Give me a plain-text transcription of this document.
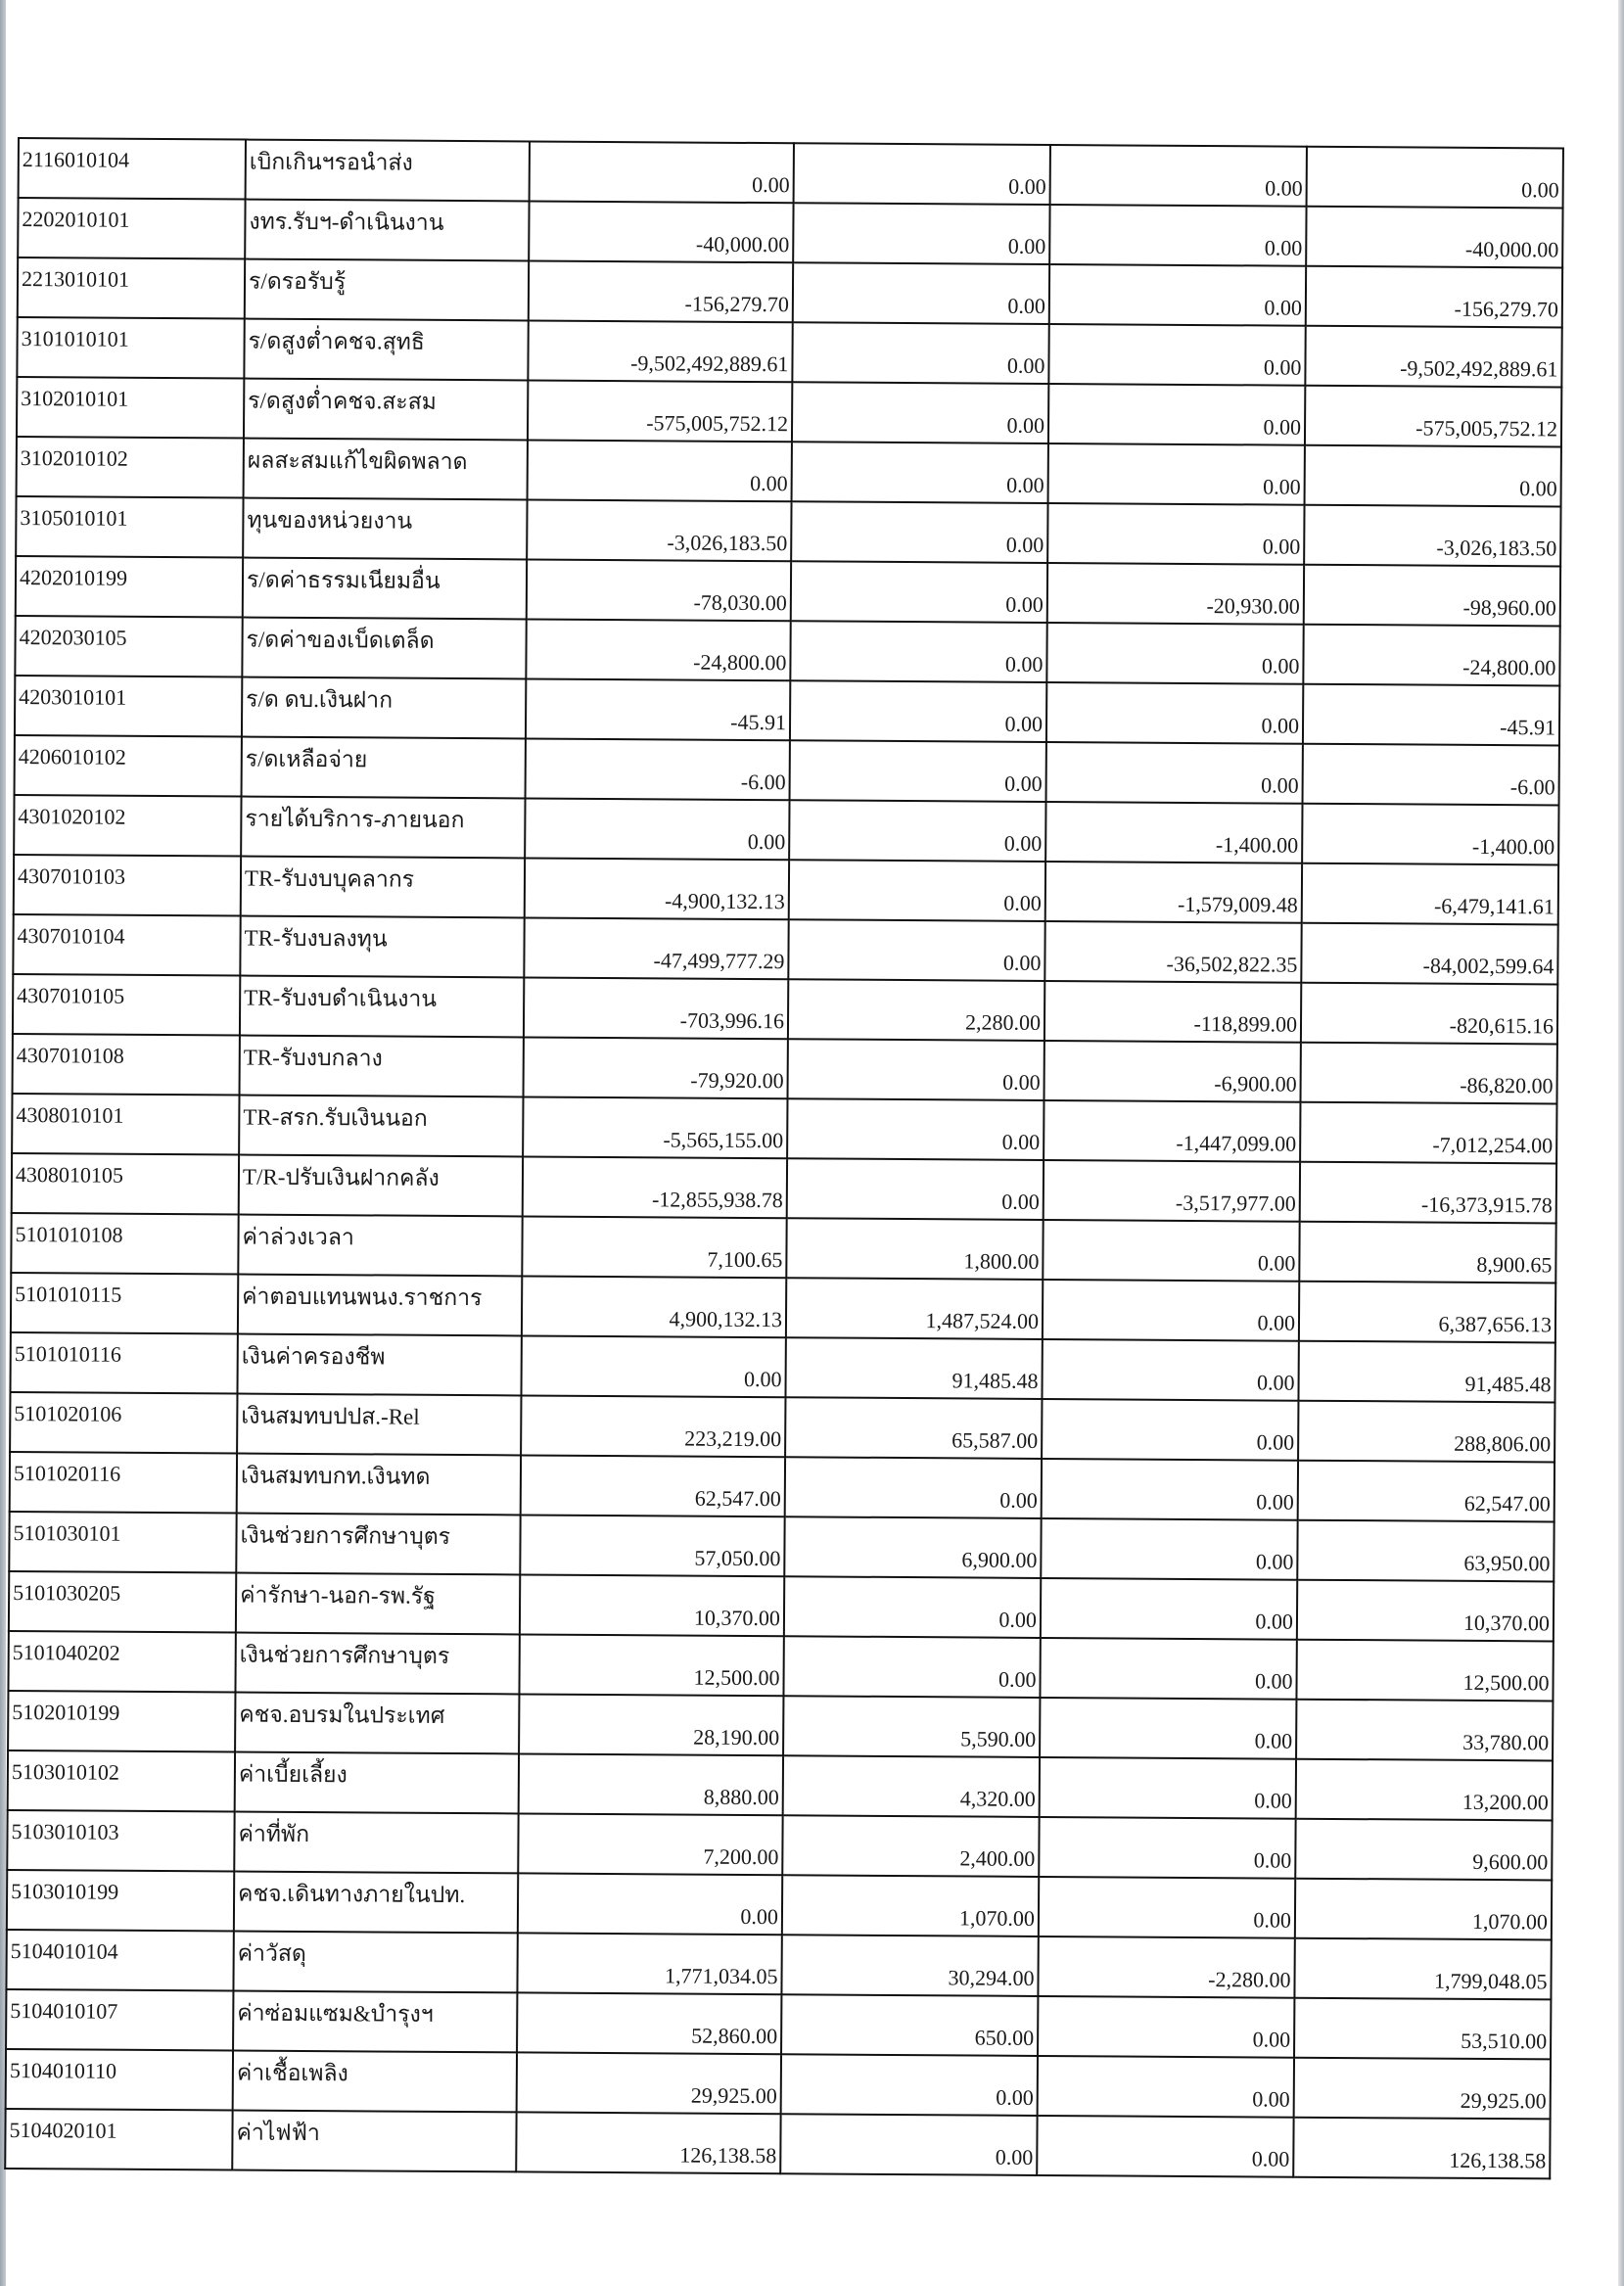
2116010104	เบิกเกินฯรอนำส่ง	0.00	0.00	0.00	0.00
2202010101	งทร.รับฯ-ดำเนินงาน	-40,000.00	0.00	0.00	-40,000.00
2213010101	ร/ดรอรับรู้	-156,279.70	0.00	0.00	-156,279.70
3101010101	ร/ดสูงต่ำคชจ.สุทธิ	-9,502,492,889.61	0.00	0.00	-9,502,492,889.61
3102010101	ร/ดสูงต่ำคชจ.สะสม	-575,005,752.12	0.00	0.00	-575,005,752.12
3102010102	ผลสะสมแก้ไขผิดพลาด	0.00	0.00	0.00	0.00
3105010101	ทุนของหน่วยงาน	-3,026,183.50	0.00	0.00	-3,026,183.50
4202010199	ร/ดค่าธรรมเนียมอื่น	-78,030.00	0.00	-20,930.00	-98,960.00
4202030105	ร/ดค่าของเบ็ดเตล็ด	-24,800.00	0.00	0.00	-24,800.00
4203010101	ร/ด ดบ.เงินฝาก	-45.91	0.00	0.00	-45.91
4206010102	ร/ดเหลือจ่าย	-6.00	0.00	0.00	-6.00
4301020102	รายได้บริการ-ภายนอก	0.00	0.00	-1,400.00	-1,400.00
4307010103	TR-รับงบบุคลากร	-4,900,132.13	0.00	-1,579,009.48	-6,479,141.61
4307010104	TR-รับงบลงทุน	-47,499,777.29	0.00	-36,502,822.35	-84,002,599.64
4307010105	TR-รับงบดำเนินงาน	-703,996.16	2,280.00	-118,899.00	-820,615.16
4307010108	TR-รับงบกลาง	-79,920.00	0.00	-6,900.00	-86,820.00
4308010101	TR-สรก.รับเงินนอก	-5,565,155.00	0.00	-1,447,099.00	-7,012,254.00
4308010105	T/R-ปรับเงินฝากคลัง	-12,855,938.78	0.00	-3,517,977.00	-16,373,915.78
5101010108	ค่าล่วงเวลา	7,100.65	1,800.00	0.00	8,900.65
5101010115	ค่าตอบแทนพนง.ราชการ	4,900,132.13	1,487,524.00	0.00	6,387,656.13
5101010116	เงินค่าครองชีพ	0.00	91,485.48	0.00	91,485.48
5101020106	เงินสมทบปปส.-Rel	223,219.00	65,587.00	0.00	288,806.00
5101020116	เงินสมทบกท.เงินทด	62,547.00	0.00	0.00	62,547.00
5101030101	เงินช่วยการศึกษาบุตร	57,050.00	6,900.00	0.00	63,950.00
5101030205	ค่ารักษา-นอก-รพ.รัฐ	10,370.00	0.00	0.00	10,370.00
5101040202	เงินช่วยการศึกษาบุตร	12,500.00	0.00	0.00	12,500.00
5102010199	คชจ.อบรมในประเทศ	28,190.00	5,590.00	0.00	33,780.00
5103010102	ค่าเบี้ยเลี้ยง	8,880.00	4,320.00	0.00	13,200.00
5103010103	ค่าที่พัก	7,200.00	2,400.00	0.00	9,600.00
5103010199	คชจ.เดินทางภายในปท.	0.00	1,070.00	0.00	1,070.00
5104010104	ค่าวัสดุ	1,771,034.05	30,294.00	-2,280.00	1,799,048.05
5104010107	ค่าซ่อมแซม&บำรุงฯ	52,860.00	650.00	0.00	53,510.00
5104010110	ค่าเชื้อเพลิง	29,925.00	0.00	0.00	29,925.00
5104020101	ค่าไฟฟ้า	126,138.58	0.00	0.00	126,138.58
